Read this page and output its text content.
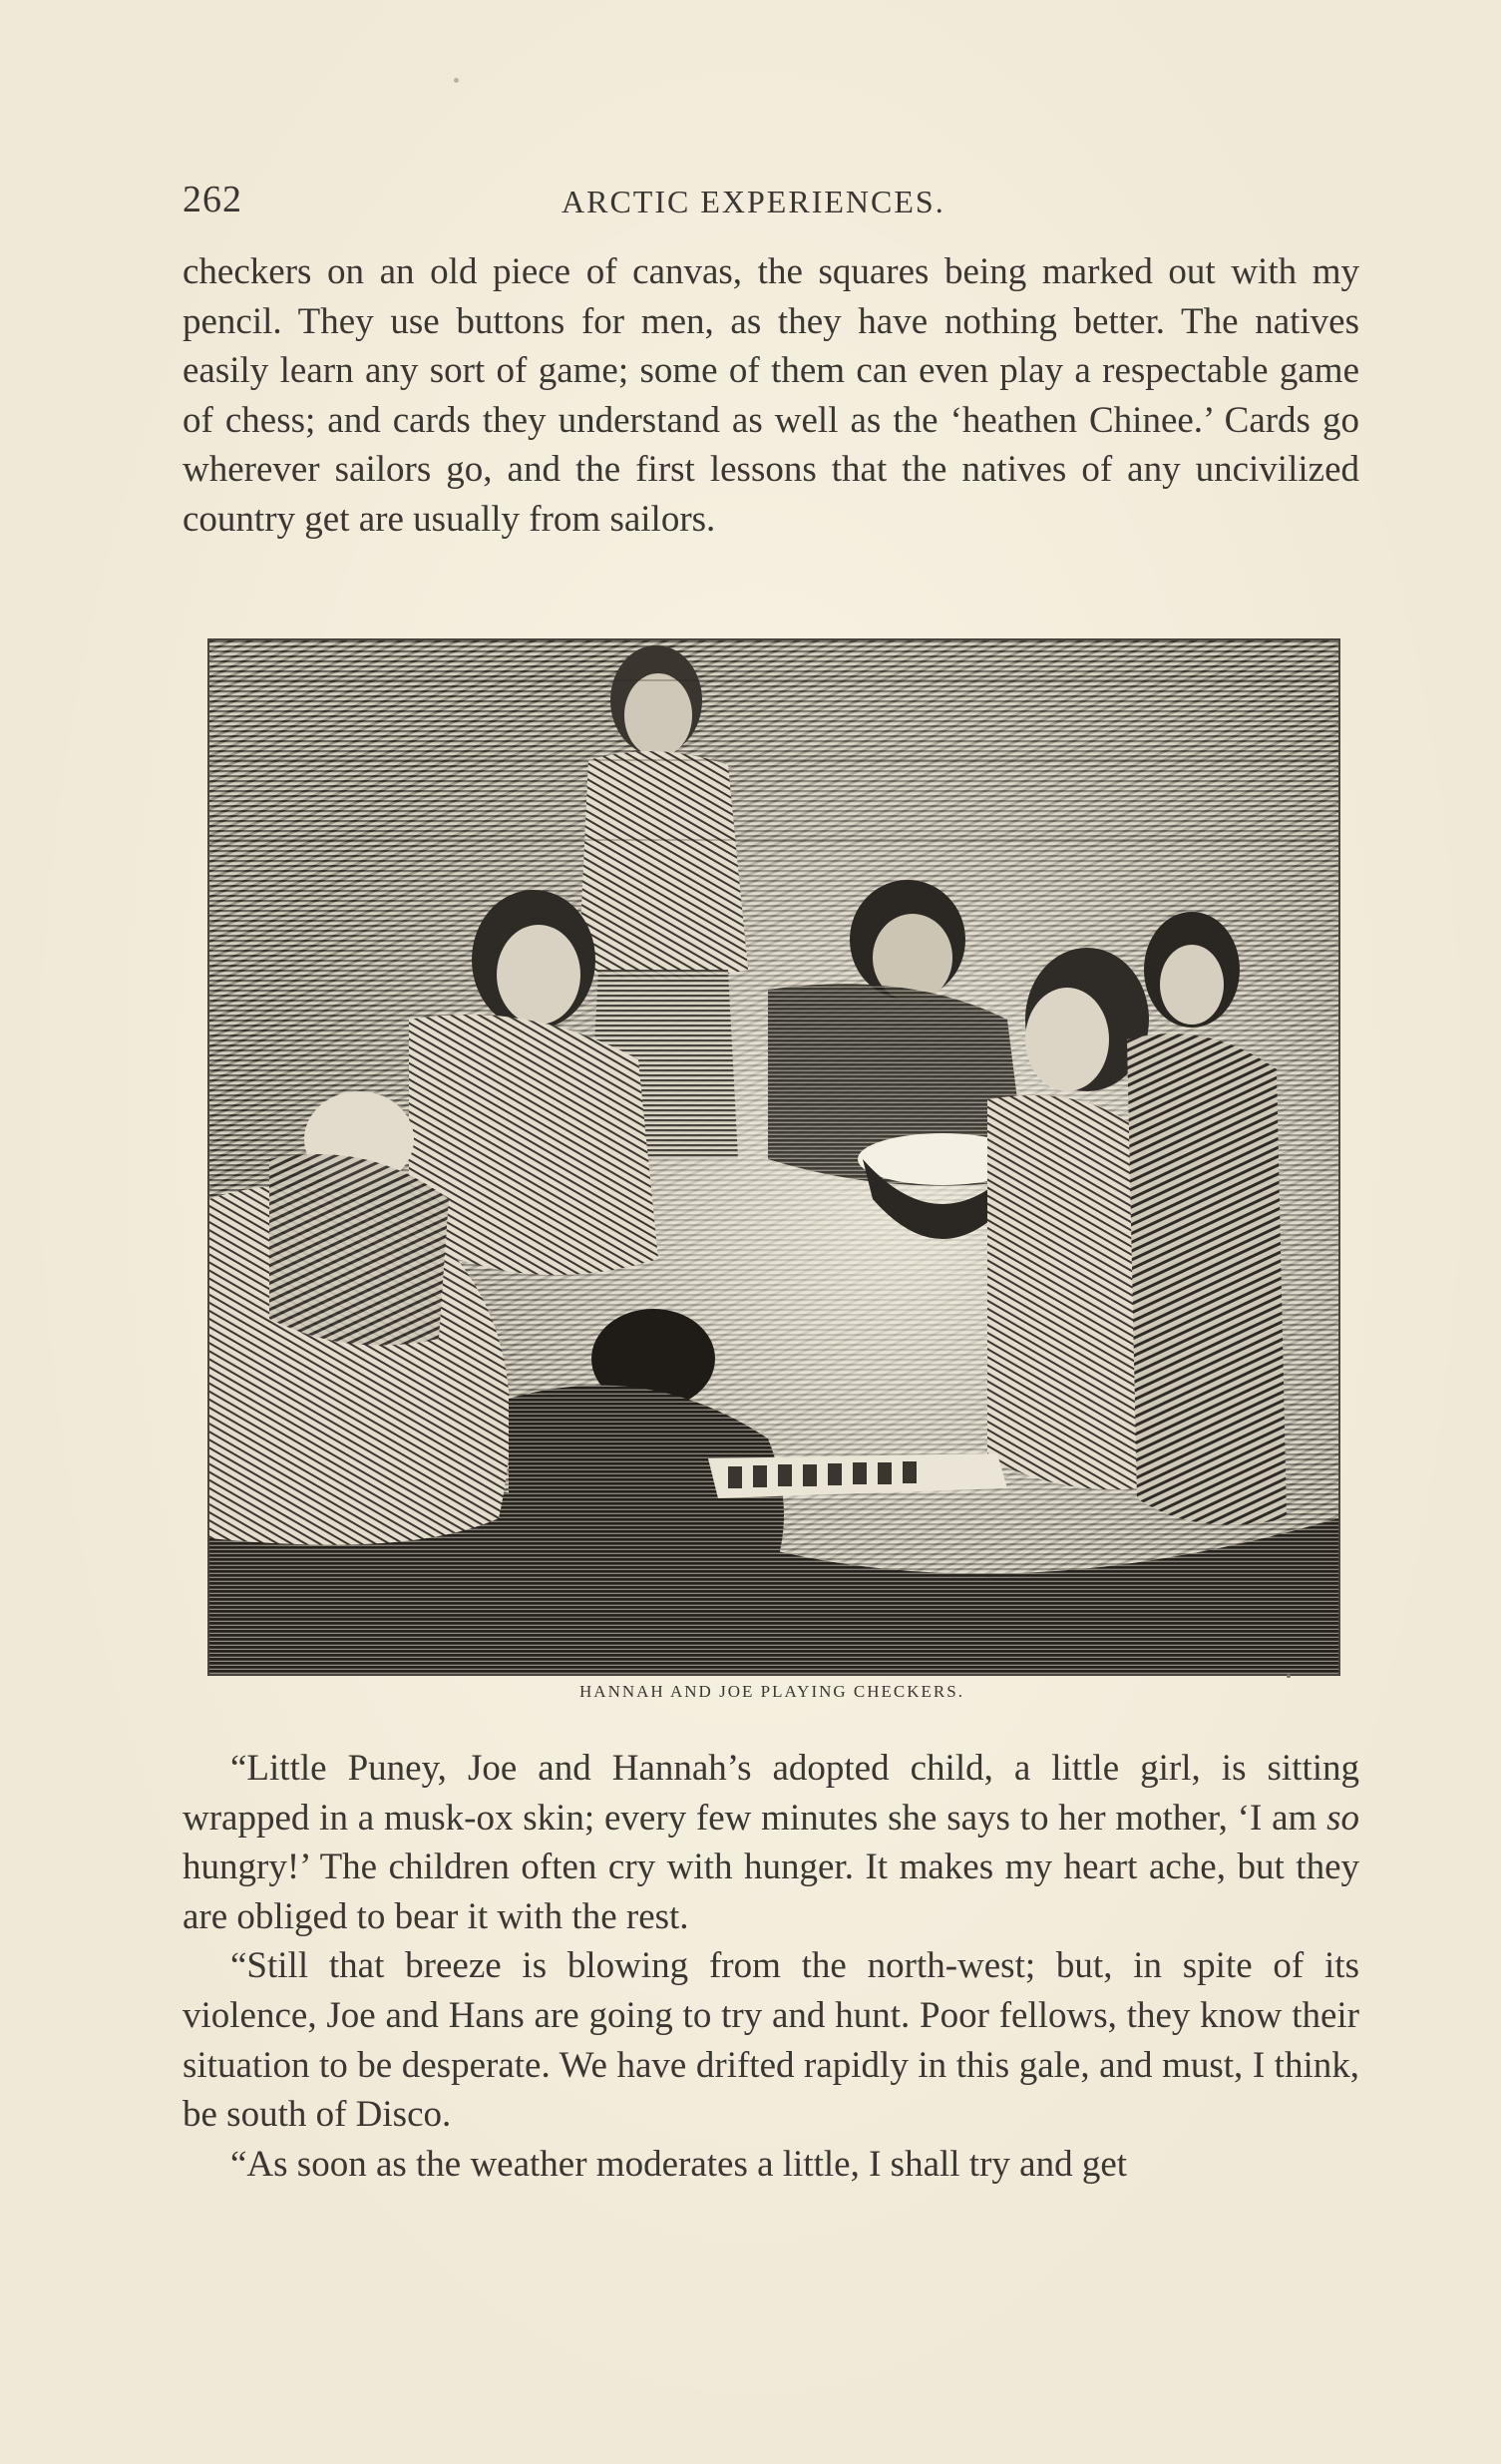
262	ARCTIC EXPERIENCES.

checkers on an old piece of canvas, the squares being marked out with my pencil. They use buttons for men, as they have nothing better. The natives easily learn any sort of game; some of them can even play a respectable game of chess; and cards they understand as well as the ‘heathen Chinee.’ Cards go wherever sailors go, and the first lessons that the natives of any uncivilized country get are usually from sailors.

HANNAH AND JOE PLAYING CHECKERS.

“Little Puney, Joe and Hannah’s adopted child, a little girl, is sitting wrapped in a musk-ox skin; every few minutes she says to her mother, ‘I am so hungry!’ The children often cry with hunger. It makes my heart ache, but they are obliged to bear it with the rest.

“Still that breeze is blowing from the north-west; but, in spite of its violence, Joe and Hans are going to try and hunt. Poor fellows, they know their situation to be desperate. We have drifted rapidly in this gale, and must, I think, be south of Disco.

“As soon as the weather moderates a little, I shall try and get
